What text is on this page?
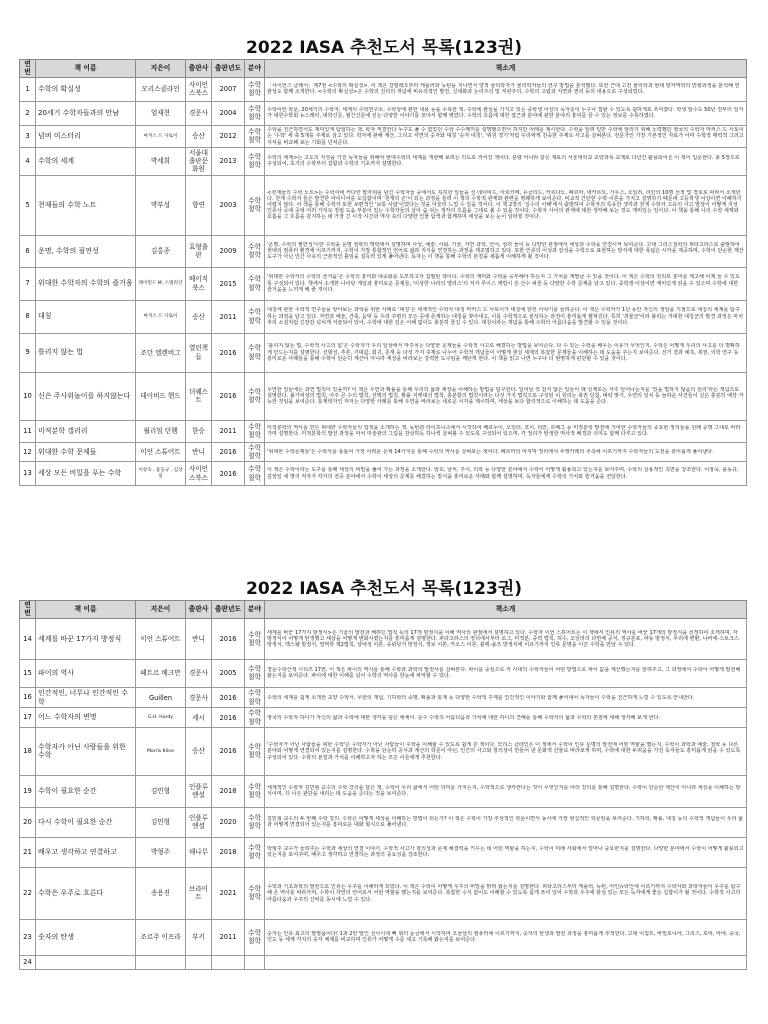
2022 IASA 추천도서 목록(123권)
연번	책 이름	지은이	출판사	출판년도	분야	책소개
1	수학의 확실성	모리스클라인	사이언스북스	2007	수학철학	「사이언스 클래식」제7권 <수학의 확실성>. 이 책은 갈릴레오부터 케플러와 뉴턴을 지나면서 양적 물리학자가 물리학자들의 연구 방법을 분석했다. 또한 근대 고전 물리학과 현대 양자역학의 반광과정을 분석해 연관성도 함께 소개한다. <수학의 확실성>은 수학의 진리의 개념에 비유리적인 발전, 실대화과 논리주의 및 직관주의, 수학의 고립과 지면과 권리 등의 내용으로 구성되었다.

2	20세기 수학자들과의 만남	엄재현	경문사	2004	수학철학	수학이란 학문, 20세기의 수학자, 세계의 수학연구소, 수학상에 관한 내용 등을 수록한 책. 수학에 관심을 가지고 있는 중학생 이상의 독자층이 누구나 접할 수 있도록 쉽하게로 쓰여졌다. 학생 알수도 50년 전부터 일자가 대한수학회 뉴스레터, 대학신문, 월간신문에 싣는 다양한 이야기를 모아서 함께 엮었다. 수학의 흐름에 대한 접근과 분야에 관한 분야의 흥미를 끌 수 있는 정보를 수록하였다.

3	넘버 미스터리	마커스 드 사토이	승산	2012	수학철학	수학을 친근하면서도 재미있게 탐험하는 책. 학자 직결한다 누구도 풀 수 없었던 수학 수수께끼를 설명했으면서 하지만 아래를 제시한다. 수학을 알려 일반 수학에 알리기 위해 노력했던 영국의 수학자 마커스 드 사토이는 '수학' 세 축 5개를 주제로 삼고 있다. 학자에 관해 계산, 그리고 자연의 숫자와 대칭 '숫자 대칭', '위원 경기'처럼 우리에게 친숙한 주제로 사고를 살펴본다. 전문가인 가장 기본적인 자료가 아마 수학적 매력적 그리고 지식을 비교해 보는 기회를 던져준다.

4	수학의 세계	박세희	서울대출판문화원	2013	수학철학	수학의 세계>는 고도의 지성을 가진 독자들을 위해야 현대수학의 세계를 개관해 보려는 의도로 씌어진 책이다. 분량 어나라 같은 재료의 서울대학교 교양과목 교재로 다년간 활용되어온 이 책이 입문한다. 총 5장으로 구성되어, 초기의 수학부터 집합과 수학의 기초까지 설명한다.

5	천재들의 수학 노트	박부성	향연	2003	수학철학	<천재들의 수학 노트>는 수학사에 커다란 발자취를 남긴 수학자들 중에서도 특히한 일들을 선 데이비드, 아르키메, 유클리드, 카르다노, 페르마, 데카르트, 가우스, 오일러, 리만의 10명 선정 및 경로로 따라서 소개한다. 천재 수학자 들은 발견한 아이디어를 도입함이며 '천재의 손'이 되는 과정을 들려 이 책의 수학적 관계와 관련을 명쾌하게 보여준다. 비교적 간단한 수학 이론을 가지고 설명하기 때문에 고등학생 이상이면 이해하기 어렵지 않다. 이 책을 통해 수학자 또한 보편적인 '보통 사람'이었다는 것을 아울러 느낄 수 있을 것이다. 이 책 2장의 '실수의 이해'에서 출발하여 수학자의 특유한 생각과 천재 수학자 고유의 사고 발상이 어떻게 지성 인류사 곳에 곳에 여러 가지로 정립 도움 부분이 있는 수학자들의 살아 숨 쉬는 생각의 흐름을 그대로 볼 수 있을 것이다. 수학자 사이의 관계에 대한 생각해 보는 것도 재미있는 일이다. 이 책을 통해 나의 수학 세계와 호흡을 그 흐름을 감지하는 데 가장 긴 시작 시간과 역사 속의 다양한 인물 탐색과 함께하여 세상을 보는 눈이 달라질 것이다.

6	운명, 수학의 필연성	김홍종	효형출판	2009	수학철학	'운명, 수학의 필연성'이란 수학을 운명 철학의 맥락에서 설명하며 사상, 예술, 사회, 기술, 자연 과학, 언어, 심리 놀이 등 다양한 관점에서 세상과 수학을 연결시켜 보여준다. 고대 그리스철학의 피타고라스로 출발하여 현대의 컴퓨터 환경에 이르기까지, 수학이 가장 통합적인 언어로 삶과 지식을 연결하는 과정을 재조명하고 있다. 또한 인류의 이성과 감성을 수학으로 표현하는 방식에 대한 폭넓은 시각을 제공하며, 수학이 단순한 계산 도구가 아닌 인간 사유의 근본적인 틀임을 설득력 있게 풀어낸다. 독자는 이 책을 통해 수학의 본질을 새롭게 이해하게 될 것이다.

7	위대한 수학자의 수학의 즐거움	레이먼드 M. 스멀리언	베이직북스	2015	수학철학	'위대한 수학자의 수학의 즐거움'은 수학의 흥미와 대중화를 도모하고자 집필된 책이다. 수학의 재미와 수학을 공부해야 하는지 그 가치를 재발굴 수 있을 것이다. 이 책은 수학의 원리로 흥미를 제고해 이제 들 수 있도록 구성되어 있다. 책에서 소개한 나이탕 게임과 흥미로운 문제들, '이상한 나라의 앨리스'의 저자 루이스 캐럴이 쓴 산수 퍼즐 등 다양한 수학 문제를 담고 있다. 중학생 이상이면 재미있게 읽을 수 있으며 수학에 대한 즐거움을 느끼게 해 줄 것이다.

8	대칭	마커스 드 사토이	승산	2011	수학철학	대칭에 관한 수학적 연구들을 알아보는 과학을 위한 사례로 '대칭'은 세계적인 수학자 대칭 마커스 드 사토이가 대칭에 얽힌 이야기를 들려준다. 이 책은 수학자가 1년 동안 자신의 생일을 기점으로 대칭의 세계를 탐구하는 과정을 담고 있다. 자연과 예술, 건축, 음악 등 우리 주변의 모든 곳에 존재하는 대칭을 찾아내고, 이를 수학적으로 분석하는 과정이 흥미롭게 펼쳐진다. 특히 '괴물군'이라 불리는 거대한 대칭군의 발견 과정은 마치 추리 소설처럼 긴장감 넘치게 서술되어 있어, 수학에 대한 깊은 이해 없이도 충분히 즐길 수 있다. 대칭이라는 개념을 통해 수학의 아름다움을 발견할 수 있을 것이다.

9	틀리지 않는 법	조던 엘렌버그	열린책들	2016	수학철학	'틀리지 않는 법, 수학적 사고의 힘'은 수학자가 우리 일상에서 마주치는 다양한 문제들을 수학적 사고로 해결하는 방법을 보여준다. 다 수 있는 수학을 배우는 이유가 무엇인지, 수학은 어떻게 우리의 사고를 더 명확하게 만드는지를 설명한다. 선형성, 추론, 기대값, 회귀, 존재 등 다섯 가지 주제로 나누어 수학적 개념들이 어떻게 현실 세계의 복잡한 문제들을 이해하는 데 도움을 주는지 보여준다. 선거 결과 예측, 복권, 의학 연구 등 흥미로운 사례들을 통해 수학이 단순히 계산이 아니라 세상을 바라보는 강력한 도구임을 깨닫게 한다. 이 책을 읽고 나면 누구나 더 현명하게 판단할 수 있을 것이다.

10	신은 주사위놀이를 하지않는다	데이비드 핸드	더퀘스트	2016	수학철학	우연한 일들에는 과연 법칙이 있을까? 이 책은 우연과 확률을 통해 우리의 삶과 세상을 이해하는 방법을 탐구한다. 일어날 것 같지 않은 일들이 왜 실제로는 자주 일어나는지를 '있을 법하지 않음의 원리'라는 개념으로 설명한다. 불가피성의 법칙, 아주 큰 수의 법칙, 선택의 법칙, 확률 지렛대의 법칙, 충분함의 법칙이라는 다섯 가지 법칙으로 구성된 이 원리는 복권 당첨, 벼락 맞기, 우연의 일치 등 놀라운 사건들이 실은 충분히 예상 가능한 것임을 보여준다. 통계학자인 저자는 다양한 사례를 통해 우연을 바라보는 새로운 시각을 제시하며, 세상을 보다 합리적으로 이해하는 데 도움을 준다.

11	미적분학 갤러리	윌리엄 던햄	한승	2011	수학철학	미적분학의 역사를 만든 위대한 수학자들의 업적을 소개하는 책. 뉴턴과 라이프니츠에서 시작하여 베르누이, 오일러, 코시, 리만, 르베그 등 미적분학 발전에 기여한 수학자들의 중요한 정리들을 원래 증명 그대로 따라가며 설명한다. 미적분학의 발전 과정을 마치 미술관의 그림을 감상하듯 하나씩 살펴볼 수 있도록 구성되어 있으며, 각 정리가 탄생한 역사적 배경과 의미도 함께 다루고 있다.

12	위대한 수학 문제들	이언 스튜어트	반니	2016	수학철학	'위대한 수학문제들'은 수학사를 통틀어 가장 어려운 문제 14가지를 통해 수학의 역사를 살펴보는 책이다. 페르마의 마지막 정리에서 푸앵카레의 추측에 이르기까지 수학자들의 도전을 흥미롭게 풀어낸다.

13	세상 모든 비밀을 푸는 수학	이창욱 . 윤동규 . 김상일	사이언스북스	2016	수학철학	이 책은 수학이라는 도구를 통해 세상의 비밀을 풀어 가는 과정을 소개한다. 암호, 날씨, 주식, 의학 등 다양한 분야에서 수학이 어떻게 활용되고 있는지를 보여주며, 수학의 실용적인 측면을 강조한다. 이창욱, 윤동규, 김상일 세 명의 저자가 각자의 전공 분야에서 수학이 세상의 문제를 해결하는 방식을 흥미로운 사례와 함께 설명하며, 독자들에게 수학의 가치와 즐거움을 전달한다.
2022 IASA 추천도서 목록(123권)
연번	책 이름	지은이	출판사	출판년도	분야	책소개
14	세계를 바꾼 17가지 방정식	이언 스튜어트	반니	2016	수학철학	세계를 바꾼 17가지 방정식>은 기울의 발전과 해려던 법칙 등의 17개 방정식을 이해 역사의 관점에서 설명하고 있다. 수학자 이언 스튜어트는 이 책에서 인류의 역사를 바꾼 17개의 방정식을 선정하여 소개하며, 각 방정식이 어떻게 탄생했고 세상을 어떻게 변화시켰는지를 흥미롭게 설명한다. 피타고라스의 정리에서부터 로그, 미적분, 중력 법칙, 허수, 오일러의 다면체 공식, 정규분포, 파동 방정식, 푸리에 변환, 나비에-스토크스 방정식, 맥스웰 방정식, 열역학 제2법칙, 상대성 이론, 슈뢰딩거 방정식, 정보 이론, 카오스 이론, 블랙-숄즈 방정식에 이르기까지 인류 문명을 이끈 수학을 만날 수 있다.

15	파이의 역사	페트르 베크만	경문사	2005	수학철학	경문수학산책 시리즈 17권. 이 책은 파이의 역사를 통해 수학과 과학의 발전사를 살펴본다. 파이를 중심으로 각 시대의 수학자들이 어떤 방법으로 파이 값을 계산했는지를 알려주고, 그 과정에서 수학이 어떻게 발전해 왔는지를 보여준다. 파이에 대한 이해를 넘어 수학의 역사를 한눈에 파악할 수 있다.

16	인간적인, 너무나 인간적인 수학	Guillen	경문사	2016	수학철학	수학의 세계를 쉽게 소개한 교양 수학서. 무한의 개념, 기하학의 증명, 확률과 통계 등 다양한 수학적 주제를 인간적인 이야기와 함께 풀어내어 독자들이 수학을 친근하게 느낄 수 있도록 안내한다.

17	어느 수학자의 변명	G.H. Hardy	세시	2016	수학철학	영국의 수학자 하디가 자신의 삶과 수학에 대한 생각을 담은 에세이. 순수 수학의 아름다움과 가치에 대한 하디의 견해를 통해 수학자의 삶과 수학의 본질에 대해 생각해 보게 한다.

18	수학자가 아닌 사람들을 위한 수학	Morris Kline	승산	2016	수학철학	'수학자가 아닌 사람들을 위한 수학'은 수학자가 아닌 사람들이 수학을 이해할 수 있도록 쉽게 쓴 책이다. 모리스 클라인은 이 책에서 수학이 인류 문명의 발전에 어떤 역할을 했는지, 수학이 과학과 예술, 철학 등 다른 분야와 어떻게 연결되어 있는지를 설명한다. 수학을 단순히 공식과 계산의 학문이 아닌, 인간의 사고와 창의성이 만들어 낸 문화적 산물로 바라보게 하며, 수학에 대한 두려움을 가진 독자들도 흥미롭게 읽을 수 있도록 구성되어 있다. 수학의 본질과 가치를 이해하고자 하는 모든 이들에게 추천한다.

19	수학이 필요한 순간	김민형	인플루엔셜	2018	수학철학	세계적인 수학자 김민형 교수의 수학 강의를 담은 책. 수학이 우리 삶에서 어떤 의미를 가지는지, 수학적으로 생각한다는 것이 무엇인지를 여러 강의를 통해 설명한다. 수학이 단순한 계산이 아니라 세상을 이해하는 방식이며, 더 나은 판단을 내리는 데 도움을 준다는 것을 보여준다.

20	다시 수학이 필요한 순간	김민형	인플루엔셜	2020	수학철학	김민형 교수의 두 번째 수학 강의. 수학은 어떻게 세상을 이해하는 방법이 되는가? 이 책은 수학이 가장 추상적인 학문이면서 동시에 가장 현실적인 학문임을 보여준다. 기하학, 확률, 대칭 등의 수학적 개념들이 우리 삶과 어떻게 연결되어 있는지를 흥미로운 대화 형식으로 풀어낸다.

21	배우고 생각하고 연결하고	박형주	해나무	2018	수학철학	박형주 교수가 들려주는 수학과 세상의 연결 이야기. 수학적 사고가 창의성과 문제 해결력을 키우는 데 어떤 역할을 하는지, 수학이 미래 사회에서 얼마나 중요한지를 설명한다. 다양한 분야에서 수학이 어떻게 활용되고 있는지를 보여주며, 배우고 생각하고 연결하는 과정의 중요성을 강조한다.

22	수학은 우주로 흐른다	송용진	브라이트	2021	수학철학	수학과 기초과학의 발전으로 인류는 우주를 이해하게 되었다. 이 책은 수학이 어떻게 우주의 비밀을 밝혀 왔는지를 설명한다. 피타고라스부터 케플러, 뉴턴, 아인슈타인에 이르기까지 수학자와 과학자들이 우주를 탐구해 온 역사를 따라가며, 수학이 자연의 언어로서 어떤 역할을 했는지를 보여준다. 복잡한 수식 없이도 이해할 수 있도록 쉽게 쓰여 있어 수학과 우주에 관심 있는 모든 독자에게 좋은 길잡이가 될 것이다. 수학적 사고의 아름다움과 우주의 신비를 동시에 느낄 수 있다.

23	숫자의 탄생	조르주 이프라	부키	2011	수학철학	숫자는 인류 최고의 발명품이다! 1과 2란 말인 선사시대 뼈 위의 눈금에서 시작하여 오늘날의 컴퓨터에 이르기까지, 숫자의 탄생과 발전 과정을 흥미롭게 추적한다. 고대 이집트, 바빌로니아, 그리스, 로마, 마야, 중국, 인도 등 세계 각지의 숫자 체계를 비교하며 인류가 어떻게 수를 세고 기록해 왔는지를 보여준다.

24						
